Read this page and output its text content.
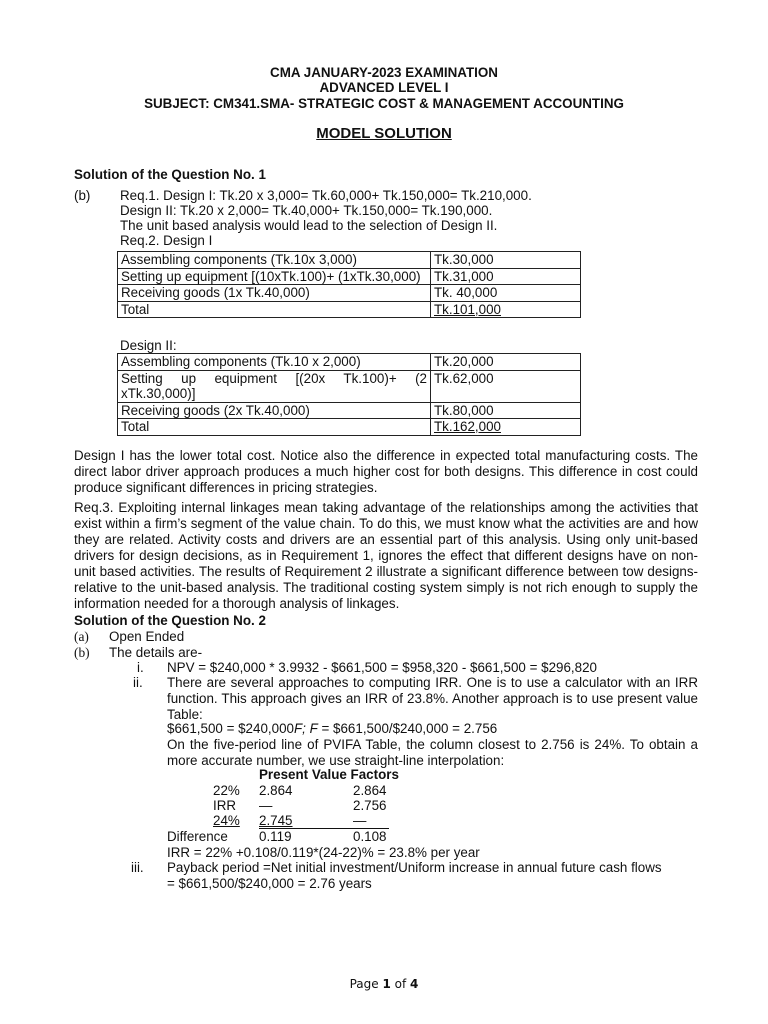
CMA JANUARY-2023 EXAMINATION
ADVANCED LEVEL I
SUBJECT: CM341.SMA- STRATEGIC COST & MANAGEMENT ACCOUNTING
MODEL SOLUTION
Solution of the Question No. 1
(b) Req.1. Design I: Tk.20 x 3,000= Tk.60,000+ Tk.150,000= Tk.210,000.
Design II: Tk.20 x 2,000= Tk.40,000+ Tk.150,000= Tk.190,000.
The unit based analysis would lead to the selection of Design II.
Req.2. Design I
Assembling components (Tk.10x 3,000)	Tk.30,000
Setting up equipment [(10xTk.100)+ (1xTk.30,000)	Tk.31,000
Receiving goods (1x Tk.40,000)	Tk. 40,000
Total	Tk.101,000
Design II:
Assembling components (Tk.10 x 2,000)	Tk.20,000
Setting up equipment [(20x Tk.100)+ (2 xTk.30,000)]	Tk.62,000
Receiving goods (2x Tk.40,000)	Tk.80,000
Total	Tk.162,000
Design I has the lower total cost. Notice also the difference in expected total manufacturing costs. The direct labor driver approach produces a much higher cost for both designs. This difference in cost could produce significant differences in pricing strategies.
Req.3. Exploiting internal linkages mean taking advantage of the relationships among the activities that exist within a firm’s segment of the value chain. To do this, we must know what the activities are and how they are related. Activity costs and drivers are an essential part of this analysis. Using only unit-based drivers for design decisions, as in Requirement 1, ignores the effect that different designs have on non-unit based activities. The results of Requirement 2 illustrate a significant difference between tow designs- relative to the unit-based analysis. The traditional costing system simply is not rich enough to supply the information needed for a thorough analysis of linkages.
Solution of the Question No. 2
(a) Open Ended
(b) The details are-
i. NPV = $240,000 * 3.9932 - $661,500 = $958,320 - $661,500 = $296,820
ii. There are several approaches to computing IRR. One is to use a calculator with an IRR function. This approach gives an IRR of 23.8%. Another approach is to use present value Table:
$661,500 = $240,000F; F = $661,500/$240,000 = 2.756
On the five-period line of PVIFA Table, the column closest to 2.756 is 24%. To obtain a more accurate number, we use straight-line interpolation:
Present Value Factors
22% 2.864	2.864
IRR —	2.756
24% 2.745	—
Difference 0.119	0.108
IRR = 22% +0.108/0.119*(24-22)% = 23.8% per year
iii. Payback period =Net initial investment/Uniform increase in annual future cash flows
= $661,500/$240,000 = 2.76 years
Page 1 of 4
